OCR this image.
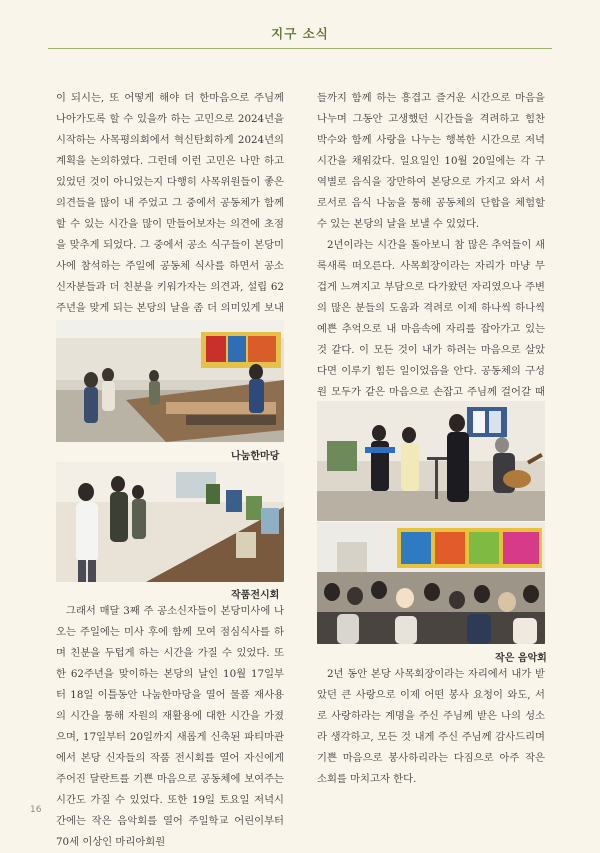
지구 소식

이 되시는, 또 어떻게 해야 더 한마음으로 주님께 나아가도록 할 수 있을까 하는 고민으로 2024년을 시작하는 사목평의회에서 혁신탄회하게 2024년의 계획을 논의하였다. 그런데 이런 고민은 나만 하고 있었던 것이 아니었는지 다행히 사목위원들이 좋은 의견들을 많이 내 주었고 그 중에서 공동체가 함께 할 수 있는 시간을 많이 만들어보자는 의견에 초점을 맞추게 되었다. 그 중에서 공소 식구들이 본당미사에 참석하는 주일에 공동체 식사를 하면서 공소 신자분들과 더 친분을 키워가자는 의견과, 설립 62주년을 맞게 되는 본당의 날을 좀 더 의미있게 보내

나눔한마당
작품전시회

그래서 매달 3째 주 공소신자들이 본당미사에 나오는 주일에는 미사 후에 함께 모여 점심식사를 하며 친분을 두텁게 하는 시간을 가질 수 있었다. 또한 62주년을 맞이하는 본당의 날인 10월 17일부터 18일 이틀동안 나눔한마당을 열어 물품 재사용의 시간을 통해 자원의 재활용에 대한 시간을 가졌으며, 17일부터 20일까지 새롭게 신축된 파티마관에서 본당 신자들의 작품 전시회를 열어 자신에게 주어진 달란트를 기쁜 마음으로 공동체에 보여주는 시간도 가질 수 있었다. 또한 19일 토요일 저녁시간에는 작은 음악회를 열어 주일학교 어린이부터 70세 이상인 마리아회원

들까지 함께 하는 흥겹고 즐거운 시간으로 마음을 나누며 그동안 고생했던 시간들을 격려하고 힘찬 박수와 함께 사랑을 나누는 행복한 시간으로 저녁시간을 채워갔다. 일요일인 10월 20일에는 각 구역별로 음식을 장만하여 본당으로 가지고 와서 서로서로 음식 나눔을 통해 공동체의 단합을 체험할 수 있는 본당의 날을 보낼 수 있었다.

2년이라는 시간을 돌아보니 참 많은 추억들이 새록새록 떠오른다. 사목회장이라는 자리가 마냥 무겁게 느껴지고 부담으로 다가왔던 자리였으나 주변의 많은 분들의 도움과 격려로 이제 하나씩 하나씩 예쁜 추억으로 내 마음속에 자리를 잡아가고 있는 것 같다. 이 모든 것이 내가 하려는 마음으로 살았다면 이루기 힘든 일이었음을 안다. 공동체의 구성원 모두가 같은 마음으로 손잡고 주님께 걸어갈 때

작은 음악회

2년 동안 본당 사목회장이라는 자리에서 내가 받았던 큰 사랑으로 이제 어떤 봉사 요청이 와도, 서로 사랑하라는 계명을 주신 주님께 받은 나의 성소라 생각하고, 모든 것 내게 주신 주님께 감사드리며 기쁜 마음으로 봉사하리라는 다짐으로 아주 작은 소회를 마치고자 한다.

16
